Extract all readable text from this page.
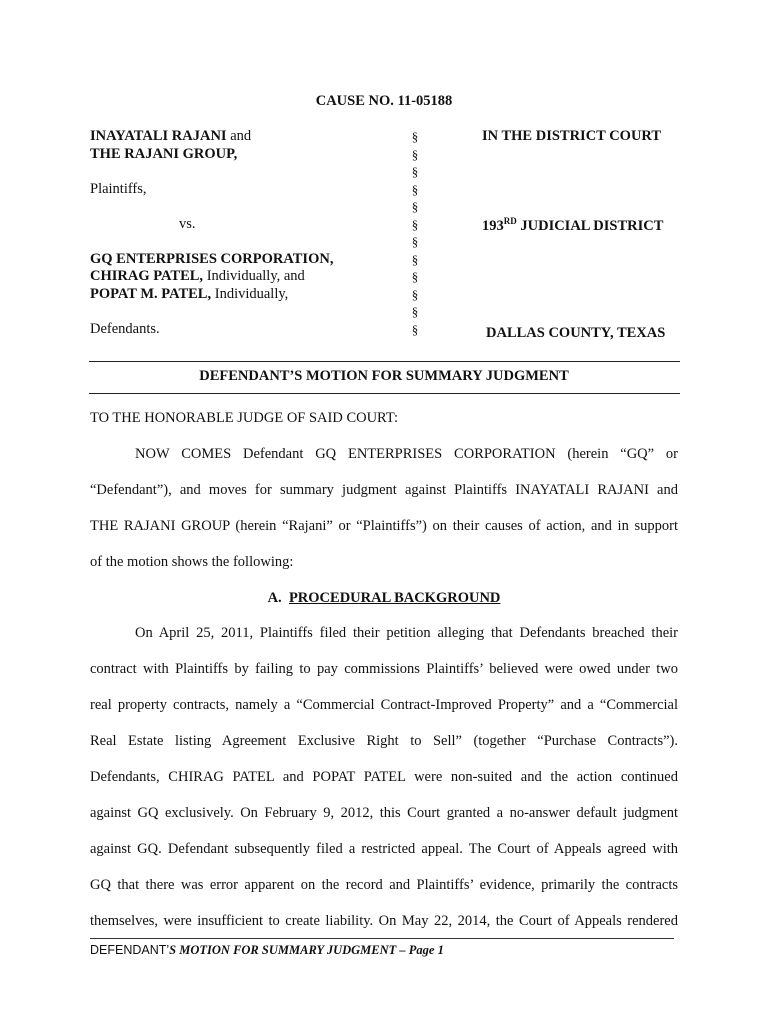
CAUSE NO. 11-05188
INAYATALI RAJANI and
THE RAJANI GROUP,
Plaintiffs,
vs.
GQ ENTERPRISES CORPORATION,
CHIRAG PATEL, Individually, and
POPAT M. PATEL, Individually,
Defendants.
§
§
§
§
§
§
§
§
§
§
§
§
IN THE DISTRICT COURT
193RD JUDICIAL DISTRICT
DALLAS COUNTY, TEXAS
DEFENDANT’S MOTION FOR SUMMARY JUDGMENT
TO THE HONORABLE JUDGE OF SAID COURT:
NOW COMES Defendant GQ ENTERPRISES CORPORATION (herein “GQ” or
“Defendant”), and moves for summary judgment against Plaintiffs INAYATALI RAJANI and
THE RAJANI GROUP (herein “Rajani” or “Plaintiffs”) on their causes of action, and in support
of the motion shows the following:
A. PROCEDURAL BACKGROUND
On April 25, 2011, Plaintiffs filed their petition alleging that Defendants breached their
contract with Plaintiffs by failing to pay commissions Plaintiffs’ believed were owed under two
real property contracts, namely a “Commercial Contract-Improved Property” and a “Commercial
Real Estate listing Agreement Exclusive Right to Sell” (together “Purchase Contracts”).
Defendants, CHIRAG PATEL and POPAT PATEL were non-suited and the action continued
against GQ exclusively. On February 9, 2012, this Court granted a no-answer default judgment
against GQ. Defendant subsequently filed a restricted appeal. The Court of Appeals agreed with
GQ that there was error apparent on the record and Plaintiffs’ evidence, primarily the contracts
themselves, were insufficient to create liability. On May 22, 2014, the Court of Appeals rendered
DEFENDANT’S MOTION FOR SUMMARY JUDGMENT – Page 1
